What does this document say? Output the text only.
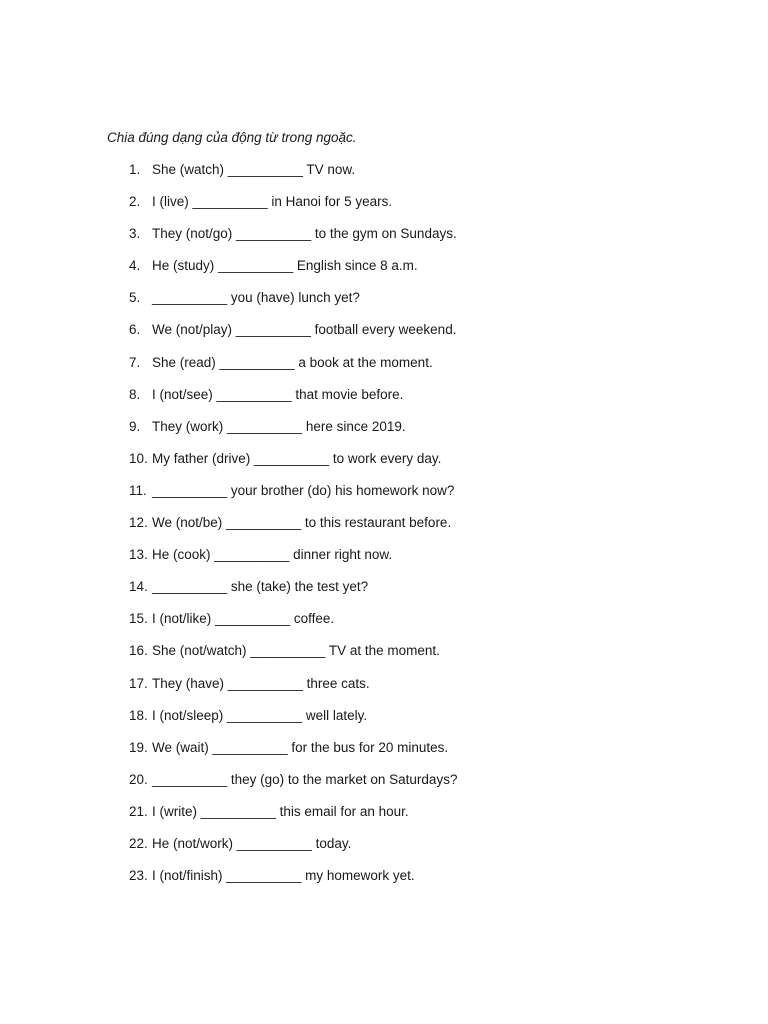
Chia đúng dạng của động từ trong ngoặc.
1. She (watch) __________ TV now.
2. I (live) __________ in Hanoi for 5 years.
3. They (not/go) __________ to the gym on Sundays.
4. He (study) __________ English since 8 a.m.
5. __________ you (have) lunch yet?
6. We (not/play) __________ football every weekend.
7. She (read) __________ a book at the moment.
8. I (not/see) __________ that movie before.
9. They (work) __________ here since 2019.
10. My father (drive) __________ to work every day.
11. __________ your brother (do) his homework now?
12. We (not/be) __________ to this restaurant before.
13. He (cook) __________ dinner right now.
14. __________ she (take) the test yet?
15. I (not/like) __________ coffee.
16. She (not/watch) __________ TV at the moment.
17. They (have) __________ three cats.
18. I (not/sleep) __________ well lately.
19. We (wait) __________ for the bus for 20 minutes.
20. __________ they (go) to the market on Saturdays?
21. I (write) __________ this email for an hour.
22. He (not/work) __________ today.
23. I (not/finish) __________ my homework yet.
